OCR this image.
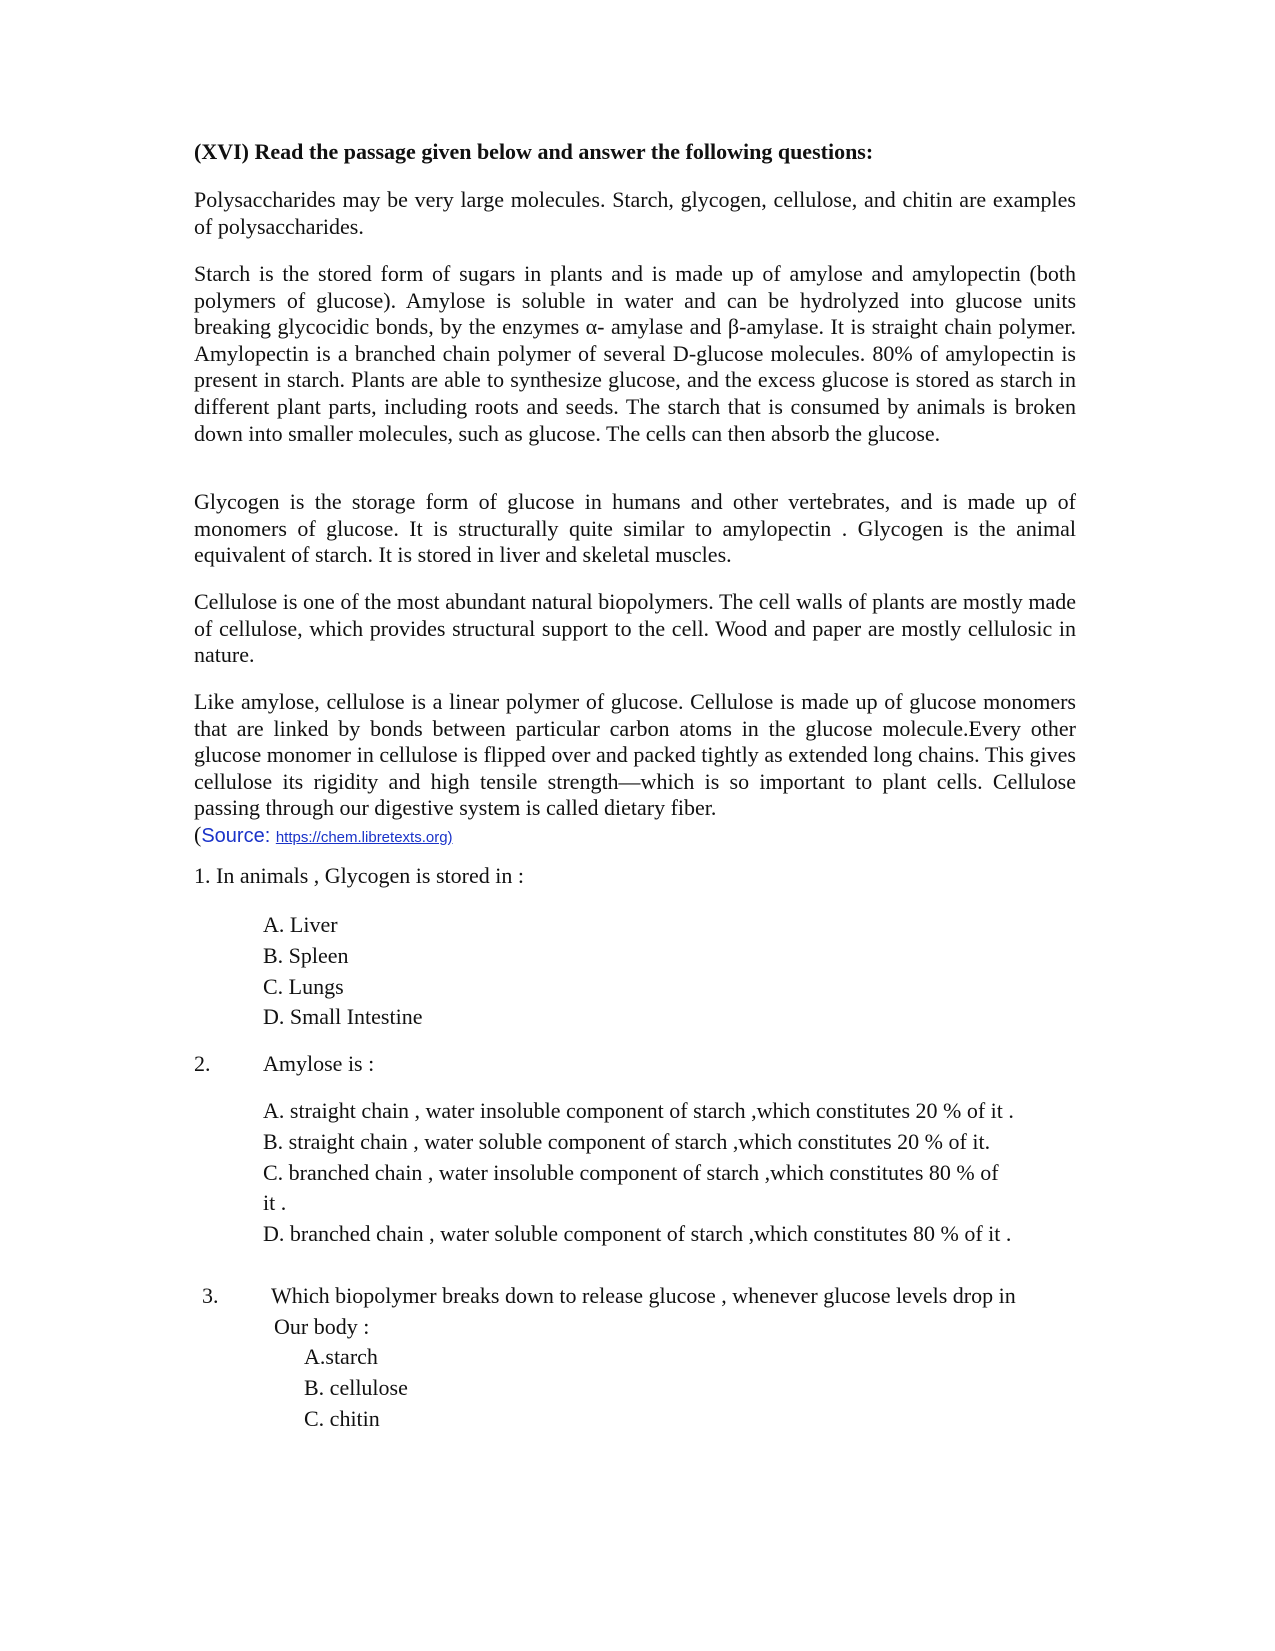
(XVI) Read the passage given below and answer the following questions:

Polysaccharides may be very large molecules. Starch, glycogen, cellulose, and chitin are examples of polysaccharides.

Starch is the stored form of sugars in plants and is made up of amylose and amylopectin (both polymers of glucose). Amylose is soluble in water and can be hydrolyzed into glucose units breaking glycocidic bonds, by the enzymes α- amylase and β-amylase. It is straight chain polymer. Amylopectin is a branched chain polymer of several D-glucose molecules. 80% of amylopectin is present in starch. Plants are able to synthesize glucose, and the excess glucose is stored as starch in different plant parts, including roots and seeds. The starch that is consumed by animals is broken down into smaller molecules, such as glucose. The cells can then absorb the glucose.

Glycogen is the storage form of glucose in humans and other vertebrates, and is made up of monomers of glucose. It is structurally quite similar to amylopectin . Glycogen is the animal equivalent of starch. It is stored in liver and skeletal muscles.

Cellulose is one of the most abundant natural biopolymers. The cell walls of plants are mostly made of cellulose, which provides structural support to the cell. Wood and paper are mostly cellulosic in nature.

Like amylose, cellulose is a linear polymer of glucose. Cellulose is made up of glucose monomers that are linked by bonds between particular carbon atoms in the glucose molecule.Every other glucose monomer in cellulose is flipped over and packed tightly as extended long chains. This gives cellulose its rigidity and high tensile strength—which is so important to plant cells. Cellulose passing through our digestive system is called dietary fiber.
(Source: https://chem.libretexts.org)

1. In animals , Glycogen is stored in :
A. Liver
B. Spleen
C. Lungs
D. Small Intestine
2. Amylose is :
A. straight chain , water insoluble component of starch ,which constitutes 20 % of it .
B. straight chain , water soluble component of starch ,which constitutes 20 % of it.
C. branched chain , water insoluble component of starch ,which constitutes 80 % of
it .
D. branched chain , water soluble component of starch ,which constitutes 80 % of it .
3. Which biopolymer breaks down to release glucose , whenever glucose levels drop in
Our body :
A.starch
B. cellulose
C. chitin
